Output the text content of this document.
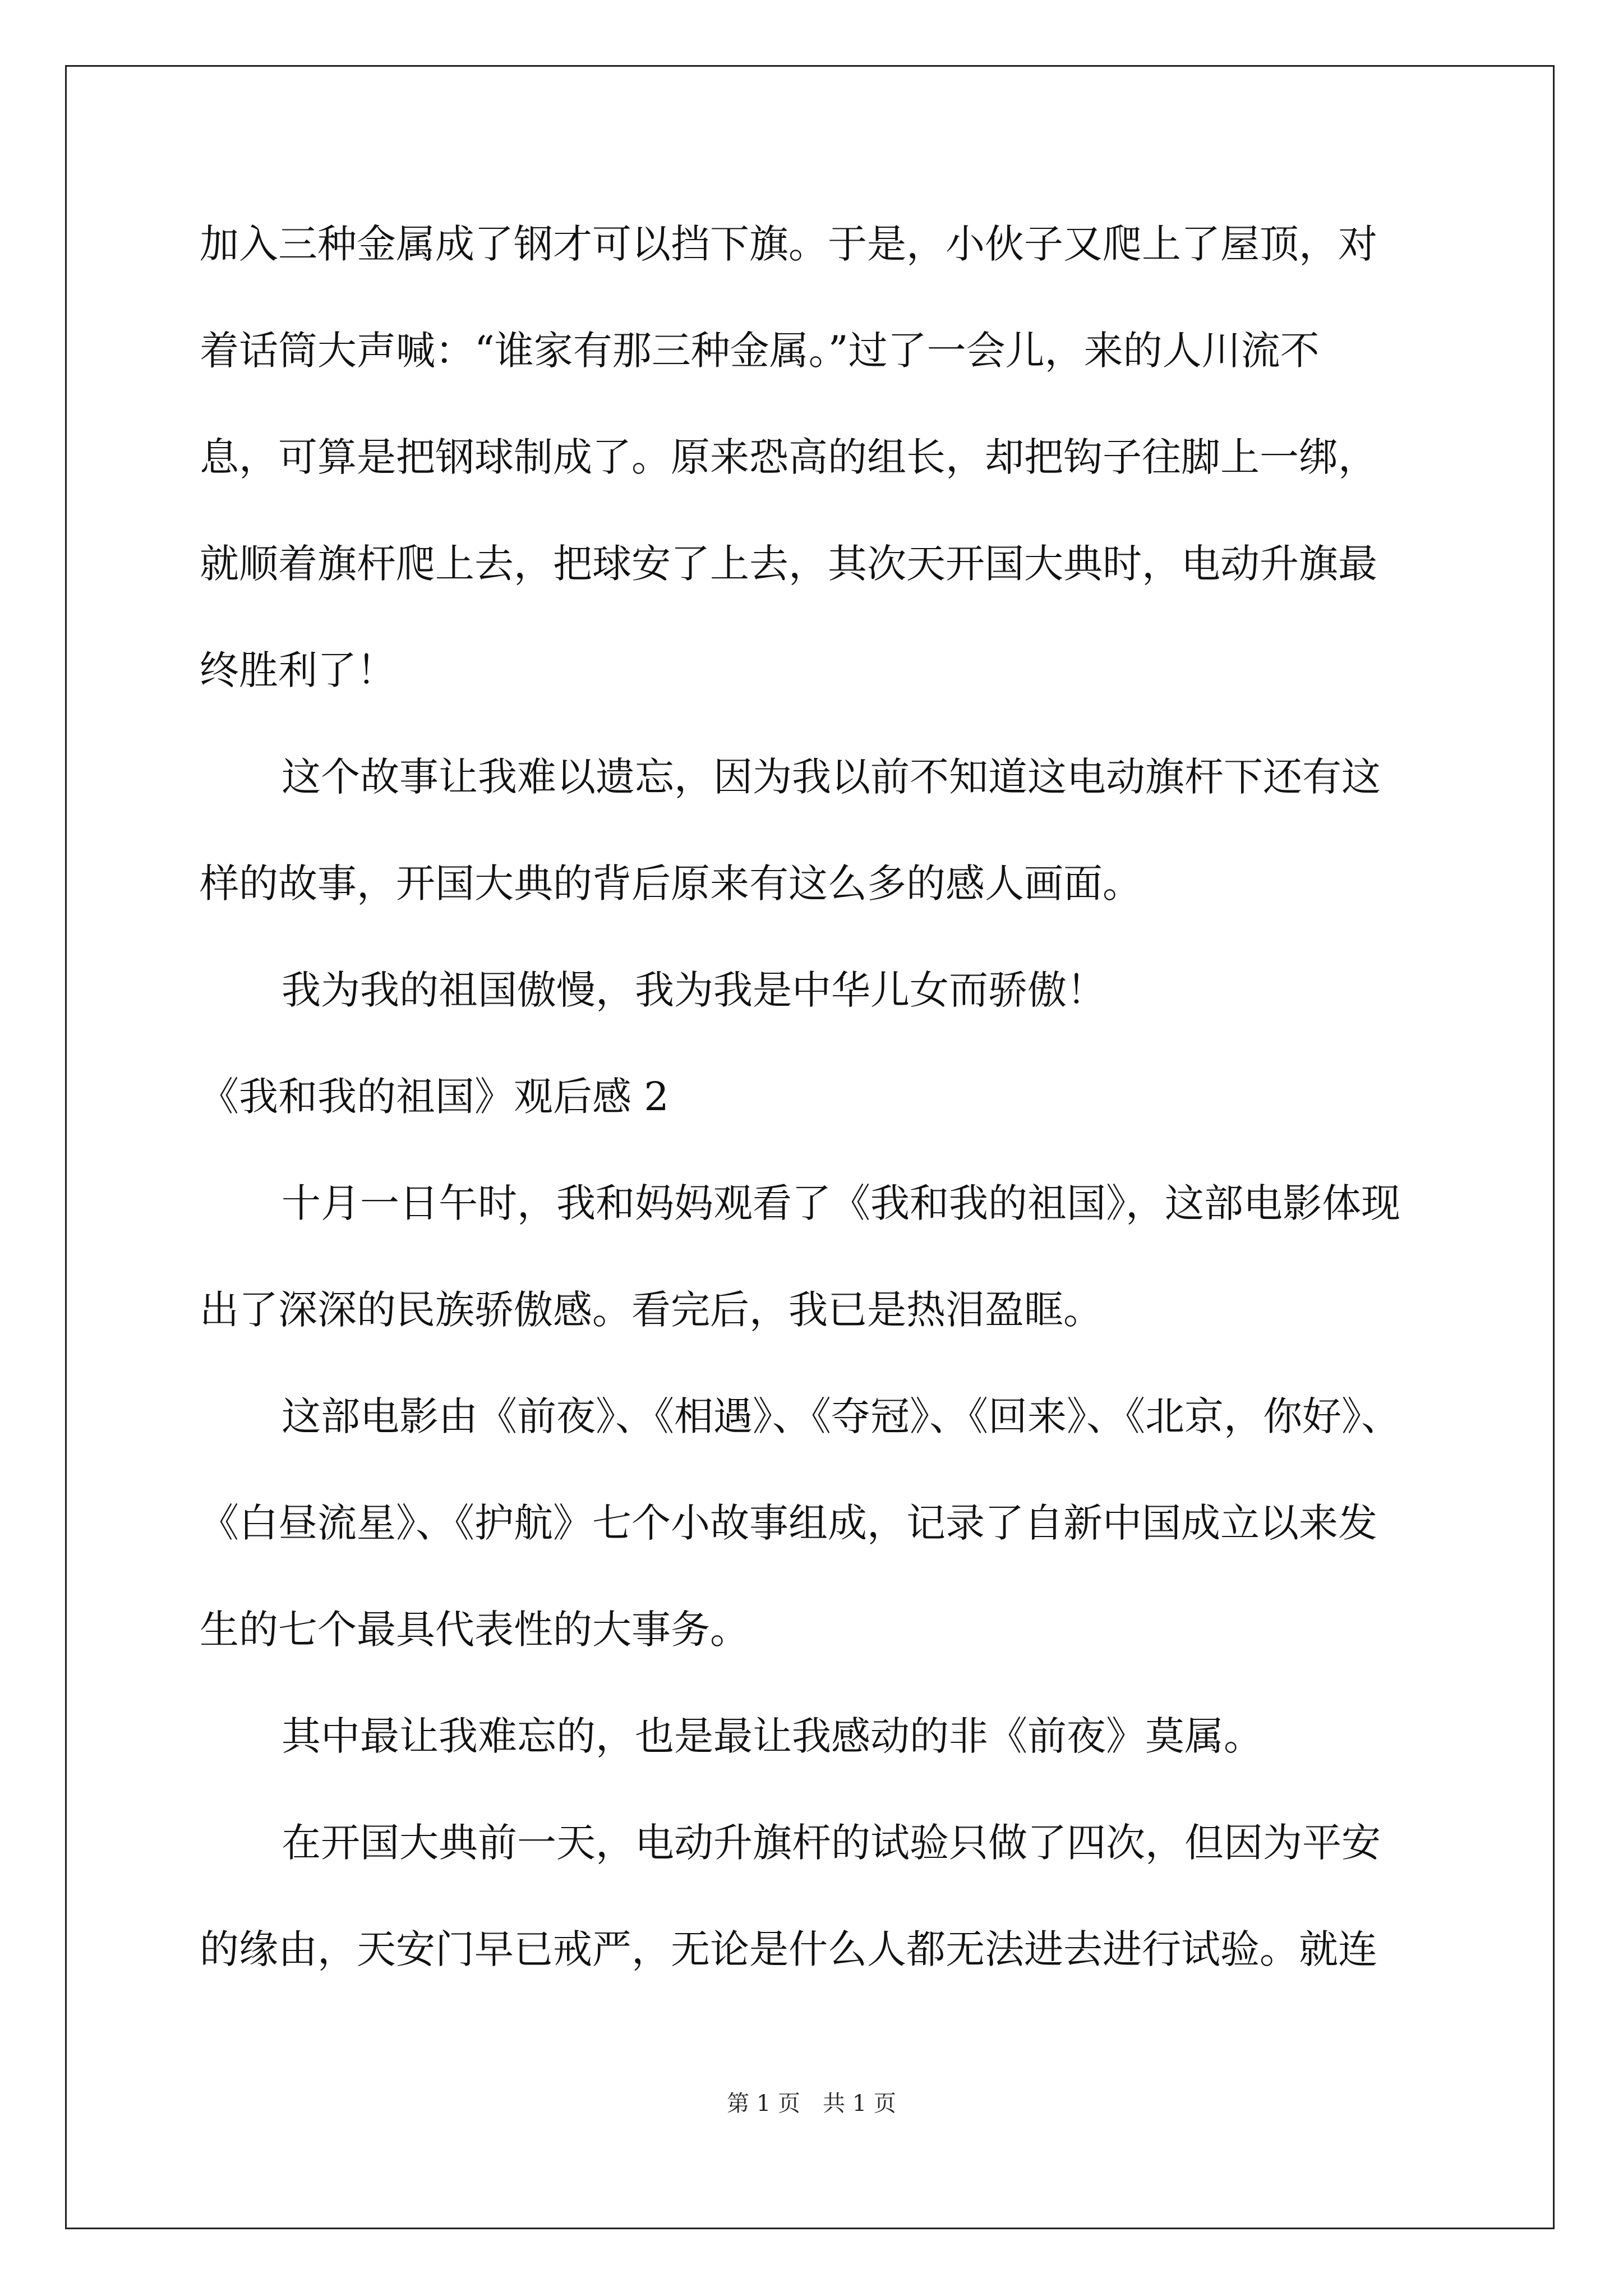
加入三种金属成了钢才可以挡下旗。于是，小伙子又爬上了屋顶，对
着话筒大声喊：“谁家有那三种金属。”过了一会儿，来的人川流不
息，可算是把钢球制成了。原来恐高的组长，却把钩子往脚上一绑，
就顺着旗杆爬上去，把球安了上去，其次天开国大典时，电动升旗最
终胜利了！
这个故事让我难以遗忘，因为我以前不知道这电动旗杆下还有这
样的故事，开国大典的背后原来有这么多的感人画面。
我为我的祖国傲慢，我为我是中华儿女而骄傲！
《我和我的祖国》观后感 2
十月一日午时，我和妈妈观看了《我和我的祖国》，这部电影体现
出了深深的民族骄傲感。看完后，我已是热泪盈眶。
这部电影由《前夜》、《相遇》、《夺冠》、《回来》、《北京，你好》、
《白昼流星》、《护航》七个小故事组成，记录了自新中国成立以来发
生的七个最具代表性的大事务。
其中最让我难忘的，也是最让我感动的非《前夜》莫属。
在开国大典前一天，电动升旗杆的试验只做了四次，但因为平安
的缘由，天安门早已戒严，无论是什么人都无法进去进行试验。就连
第 1 页 共 1 页
